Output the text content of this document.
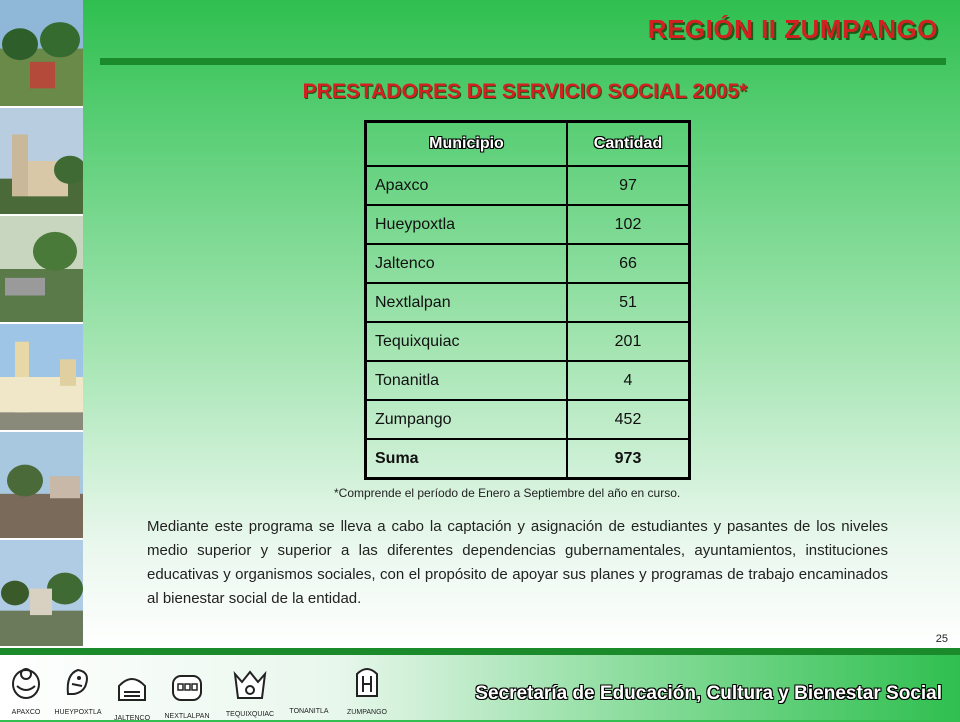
REGIÓN II ZUMPANGO
PRESTADORES DE SERVICIO SOCIAL 2005*
Municipio	Cantidad
Apaxco	97
Hueypoxtla	102
Jaltenco	66
Nextlalpan	51
Tequixquiac	201
Tonanitla	4
Zumpango	452
Suma	973
*Comprende el período de Enero a Septiembre del año en curso.
Mediante este programa se lleva a cabo la captación y asignación de estudiantes y pasantes de los niveles medio superior y superior a las diferentes dependencias gubernamentales, ayuntamientos, instituciones educativas y organismos sociales, con el propósito de apoyar sus planes y programas de trabajo encaminados al bienestar social de la entidad.
25
APAXCO	HUEYPOXTLA
JALTENCO	NEXTLALPAN	TEQUIXQUIAC	TONANITLA	ZUMPANGO
Secretaría de Educación, Cultura y Bienestar Social
